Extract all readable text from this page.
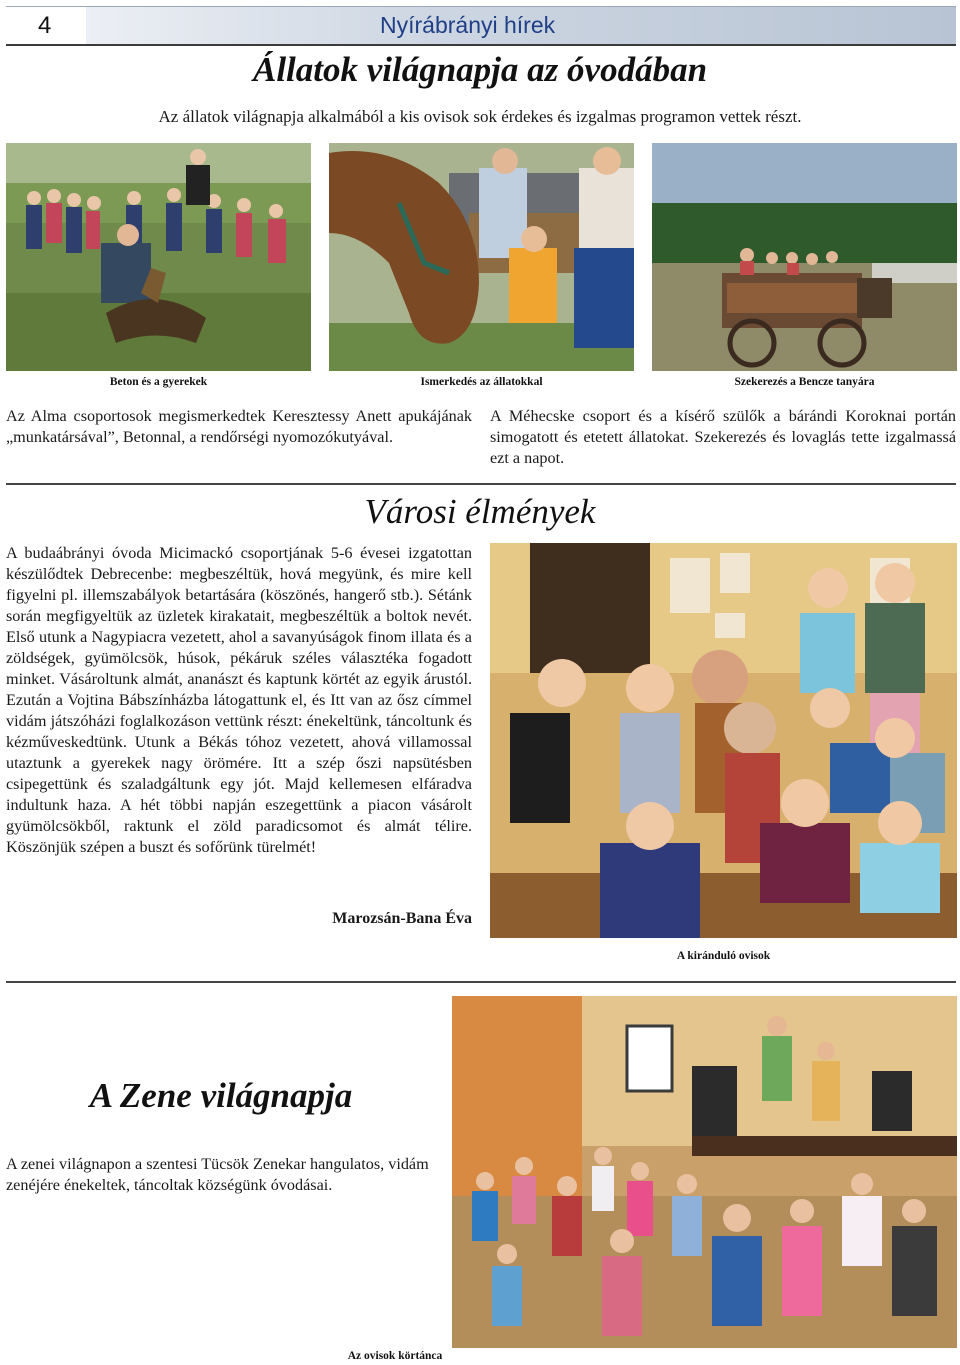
4	Nyírábrányi hírek
Állatok világnapja az óvodában
Az állatok világnapja alkalmából a kis ovisok sok érdekes és izgalmas programon vettek részt.
Beton és a gyerekek	Ismerkedés az állatokkal	Szekerezés a Bencze tanyára
Az Alma csoportosok megismerkedtek Keresztessy Anett apukájának „munkatársával”, Betonnal, a rendőrségi nyomozókutyával.
A Méhecske csoport és a kísérő szülők a bárándi Koroknai portán simogatott és etetett állatokat. Szekerezés és lovaglás tette izgalmassá ezt a napot.
Városi élmények
A budaábrányi óvoda Micimackó csoportjának 5-6 évesei izgatottan készülődtek Debrecenbe: megbeszéltük, hová megyünk, és mire kell figyelni pl. illemszabályok betartására (köszönés, hangerő stb.). Sétánk során megfigyeltük az üzletek kirakatait, megbeszéltük a boltok nevét. Első utunk a Nagypiacra vezetett, ahol a savanyúságok finom illata és a zöldségek, gyümölcsök, húsok, pékáruk széles választéka fogadott minket. Vásároltunk almát, ananászt és kaptunk körtét az egyik árustól. Ezután a Vojtina Bábszínházba látogattunk el, és Itt van az ősz címmel vidám játszóházi foglalkozáson vettünk részt: énekeltünk, táncoltunk és kézműveskedtünk. Utunk a Békás tóhoz vezetett, ahová villamossal utaztunk a gyerekek nagy örömére. Itt a szép őszi napsütésben csipegettünk és szaladgáltunk egy jót. Majd kellemesen elfáradva indultunk haza. A hét többi napján eszegettünk a piacon vásárolt gyümölcsökből, raktunk el zöld paradicsomot és almát télire. Köszönjük szépen a buszt és sofőrünk türelmét!
Marozsán-Bana Éva
A kiránduló ovisok
A Zene világnapja
A zenei világnapon a szentesi Tücsök Zenekar hangulatos, vidám zenéjére énekeltek, táncoltak községünk óvodásai.
Az ovisok körtánca
